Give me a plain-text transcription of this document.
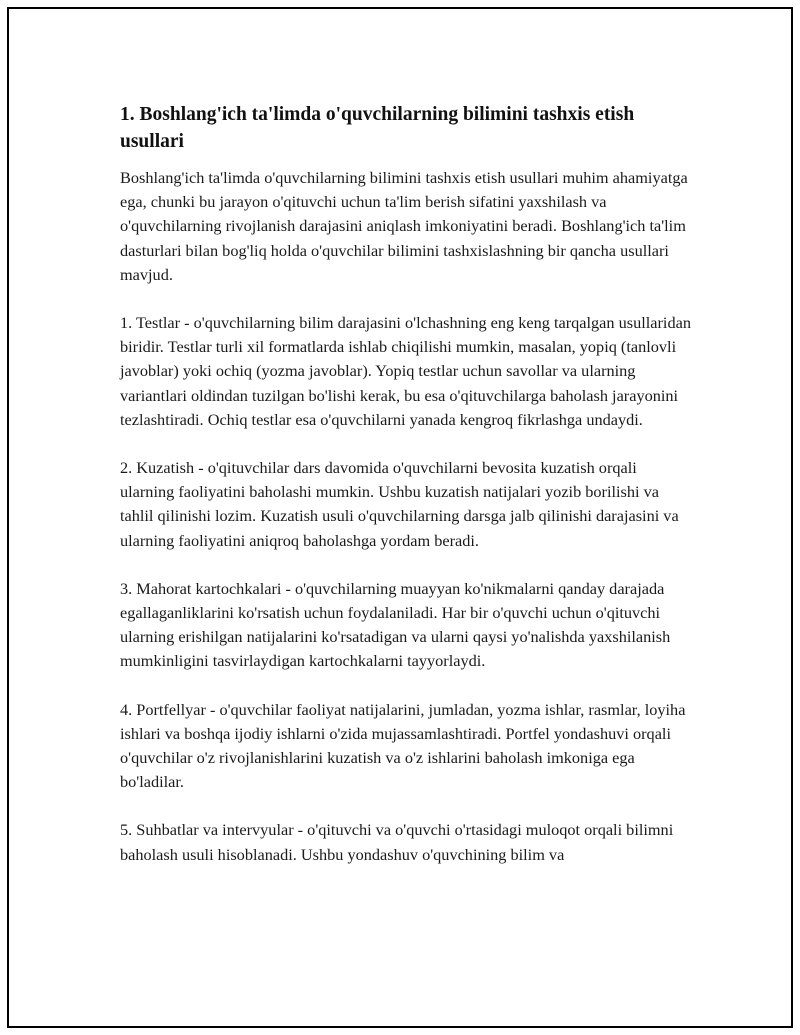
1. Boshlang'ich ta'limda o'quvchilarning bilimini tashxis etish usullari

Boshlang'ich ta'limda o'quvchilarning bilimini tashxis etish usullari muhim ahamiyatga ega, chunki bu jarayon o'qituvchi uchun ta'lim berish sifatini yaxshilash va o'quvchilarning rivojlanish darajasini aniqlash imkoniyatini beradi. Boshlang'ich ta'lim dasturlari bilan bog'liq holda o'quvchilar bilimini tashxislashning bir qancha usullari mavjud.

1. Testlar - o'quvchilarning bilim darajasini o'lchashning eng keng tarqalgan usullaridan biridir. Testlar turli xil formatlarda ishlab chiqilishi mumkin, masalan, yopiq (tanlovli javoblar) yoki ochiq (yozma javoblar). Yopiq testlar uchun savollar va ularning variantlari oldindan tuzilgan bo'lishi kerak, bu esa o'qituvchilarga baholash jarayonini tezlashtiradi. Ochiq testlar esa o'quvchilarni yanada kengroq fikrlashga undaydi.

2. Kuzatish - o'qituvchilar dars davomida o'quvchilarni bevosita kuzatish orqali ularning faoliyatini baholashi mumkin. Ushbu kuzatish natijalari yozib borilishi va tahlil qilinishi lozim. Kuzatish usuli o'quvchilarning darsga jalb qilinishi darajasini va ularning faoliyatini aniqroq baholashga yordam beradi.

3. Mahorat kartochkalari - o'quvchilarning muayyan ko'nikmalarni qanday darajada egallaganliklarini ko'rsatish uchun foydalaniladi. Har bir o'quvchi uchun o'qituvchi ularning erishilgan natijalarini ko'rsatadigan va ularni qaysi yo'nalishda yaxshilanish mumkinligini tasvirlaydigan kartochkalarni tayyorlaydi.

4. Portfellyar - o'quvchilar faoliyat natijalarini, jumladan, yozma ishlar, rasmlar, loyiha ishlari va boshqa ijodiy ishlarni o'zida mujassamlashtiradi. Portfel yondashuvi orqali o'quvchilar o'z rivojlanishlarini kuzatish va o'z ishlarini baholash imkoniga ega bo'ladilar.

5. Suhbatlar va intervyular - o'qituvchi va o'quvchi o'rtasidagi muloqot orqali bilimni baholash usuli hisoblanadi. Ushbu yondashuv o'quvchining bilim va
